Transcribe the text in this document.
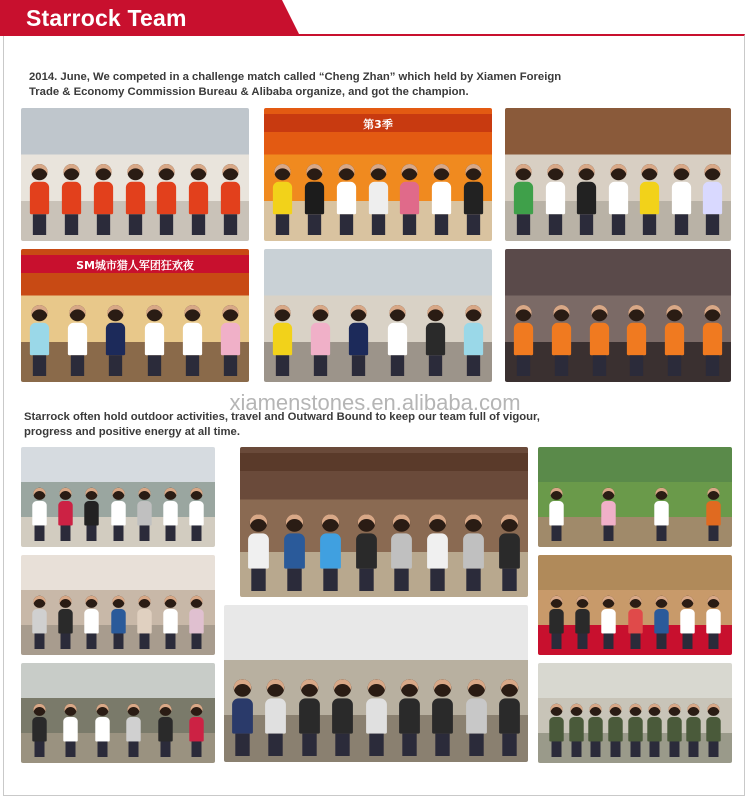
Starrock Team

2014. June, We competed in a challenge match called “Cheng Zhan” which held by Xiamen Foreign

Trade & Economy Commission Bureau & Alibaba organize, and got the champion.

xiamenstones.en.alibaba.com

Starrock often hold outdoor activities, travel and Outward Bound to keep our team full of vigour,

progress and positive energy at all time.

第3季
SM城市猎人军团狂欢夜
